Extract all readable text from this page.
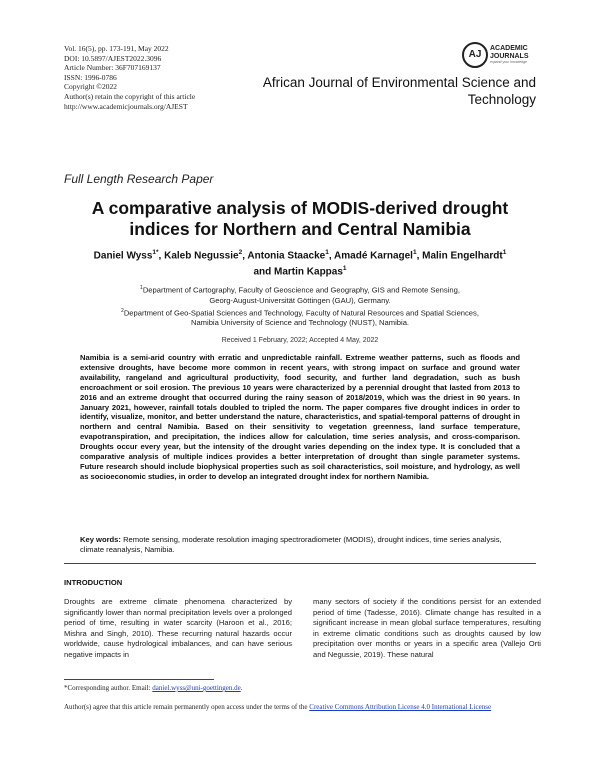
Vol. 16(5), pp. 173-191, May 2022
DOI: 10.5897/AJEST2022.3096
Article Number: 36F707169137
ISSN: 1996-0786
Copyright ©2022
Author(s) retain the copyright of this article
http://www.academicjournals.org/AJEST
AJ
ACADEMIC
JOURNALS
expand your knowledge
African Journal of Environmental Science and
Technology
Full Length Research Paper
A comparative analysis of MODIS-derived drought
indices for Northern and Central Namibia
Daniel Wyss$^{1*}$, Kaleb Negussie$^2$, Antonia Staacke$^1$, Amadé Karnagel$^1$, Malin Engelhardt$^1$
and Martin Kappas$^1$
$^1$Department of Cartography, Faculty of Geoscience and Geography, GIS and Remote Sensing,
Georg-August-Universität Göttingen (GAU), Germany.
$^2$Department of Geo-Spatial Sciences and Technology, Faculty of Natural Resources and Spatial Sciences,
Namibia University of Science and Technology (NUST), Namibia.
Received 1 February, 2022; Accepted 4 May, 2022
Namibia is a semi-arid country with erratic and unpredictable rainfall. Extreme weather patterns, such as floods and extensive droughts, have become more common in recent years, with strong impact on surface and ground water availability, rangeland and agricultural productivity, food security, and further land degradation, such as bush encroachment or soil erosion. The previous 10 years were characterized by a perennial drought that lasted from 2013 to 2016 and an extreme drought that occurred during the rainy season of 2018/2019, which was the driest in 90 years. In January 2021, however, rainfall totals doubled to tripled the norm. The paper compares five drought indices in order to identify, visualize, monitor, and better understand the nature, characteristics, and spatial-temporal patterns of drought in northern and central Namibia. Based on their sensitivity to vegetation greenness, land surface temperature, evapotranspiration, and precipitation, the indices allow for calculation, time series analysis, and cross-comparison. Droughts occur every year, but the intensity of the drought varies depending on the index type. It is concluded that a comparative analysis of multiple indices provides a better interpretation of drought than single parameter systems. Future research should include biophysical properties such as soil characteristics, soil moisture, and hydrology, as well as socioeconomic studies, in order to develop an integrated drought index for northern Namibia.
Key words: Remote sensing, moderate resolution imaging spectroradiometer (MODIS), drought indices, time series analysis, climate reanalysis, Namibia.
INTRODUCTION
Droughts are extreme climate phenomena characterized by significantly lower than normal precipitation levels over a prolonged period of time, resulting in water scarcity (Haroon et al., 2016; Mishra and Singh, 2010). These recurring natural hazards occur worldwide, cause hydrological imbalances, and can have serious negative impacts in
many sectors of society if the conditions persist for an extended period of time (Tadesse, 2016). Climate change has resulted in a significant increase in mean global surface temperatures, resulting in extreme climatic conditions such as droughts caused by low precipitation over months or years in a specific area (Vallejo Orti and Negussie, 2019). These natural
*Corresponding author. Email: daniel.wyss@uni-goettingen.de.
Author(s) agree that this article remain permanently open access under the terms of the Creative Commons Attribution License 4.0 International License
